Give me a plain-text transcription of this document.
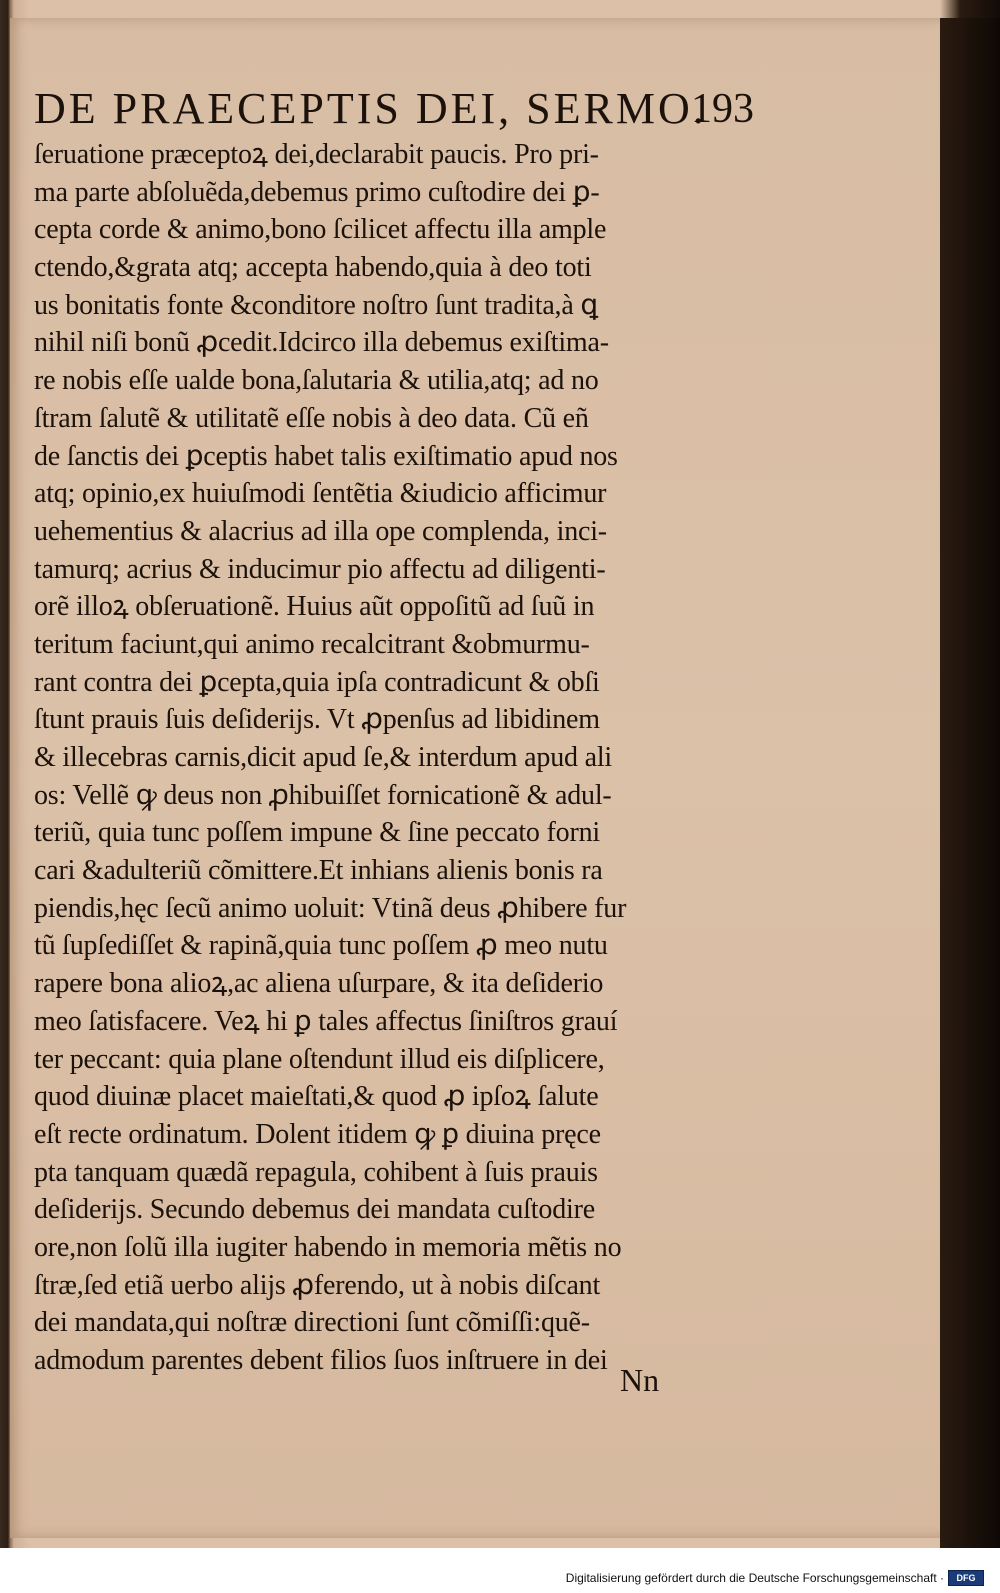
DE PRAECEPTIS DEI, SERMO.
193
ſeruatione præceptoꝝ dei,declarabit paucis. Pro pri-
ma parte abſoluẽda,debemus primo cuſtodire dei ꝑ-
cepta corde & animo,bono ſcilicet affectu illa ample
ctendo,&grata atq; accepta habendo,quia à deo toti
us bonitatis fonte &conditore noſtro ſunt tradita,à ꝗ
nihil niſi bonũ ꝓcedit.Idcirco illa debemus exiſtima-
re nobis eſſe ualde bona,ſalutaria & utilia,atq; ad no
ſtram ſalutẽ & utilitatẽ eſſe nobis à deo data. Cũ eñ
de ſanctis dei ꝑceptis habet talis exiſtimatio apud nos
atq; opinio,ex huiuſmodi ſentẽtia &iudicio afficimur
uehementius & alacrius ad illa ope complenda, inci-
tamurq; acrius & inducimur pio affectu ad diligenti-
orẽ illoꝝ obſeruationẽ. Huius aũt oppoſitũ ad ſuũ in
teritum faciunt,qui animo recalcitrant &obmurmu-
rant contra dei ꝑcepta,quia ipſa contradicunt & obſi
ſtunt prauis ſuis deſiderijs. Vt ꝓpenſus ad libidinem
& illecebras carnis,dicit apud ſe,& interdum apud ali
os: Vellẽ ꝙ deus non ꝓhibuiſſet fornicationẽ & adul-
teriũ, quia tunc poſſem impune & ſine peccato forni
cari &adulteriũ cõmittere.Et inhians alienis bonis ra
piendis,hęc ſecũ animo uoluit: Vtinã deus ꝓhibere fur
tũ ſupſediſſet & rapinã,quia tunc poſſem ꝓ meo nutu
rapere bona alioꝝ,ac aliena uſurpare, & ita deſiderio
meo ſatisfacere. Veꝝ hi ꝑ tales affectus ſiniſtros grauí
ter peccant: quia plane oſtendunt illud eis diſplicere,
quod diuinæ placet maieſtati,& quod ꝓ ipſoꝝ ſalute
eſt recte ordinatum. Dolent itidem ꝙ ꝑ diuina pręce
pta tanquam quædã repagula, cohibent à ſuis prauis
deſiderijs. Secundo debemus dei mandata cuſtodire
ore,non ſolũ illa iugiter habendo in memoria mẽtis no
ſtræ,ſed etiã uerbo alijs ꝓferendo, ut à nobis diſcant
dei mandata,qui noſtræ directioni ſunt cõmiſſi:quẽ-
admodum parentes debent filios ſuos inſtruere in dei
Nn
Digitalisierung gefördert durch die Deutsche Forschungsgemeinschaft ·	DFG
